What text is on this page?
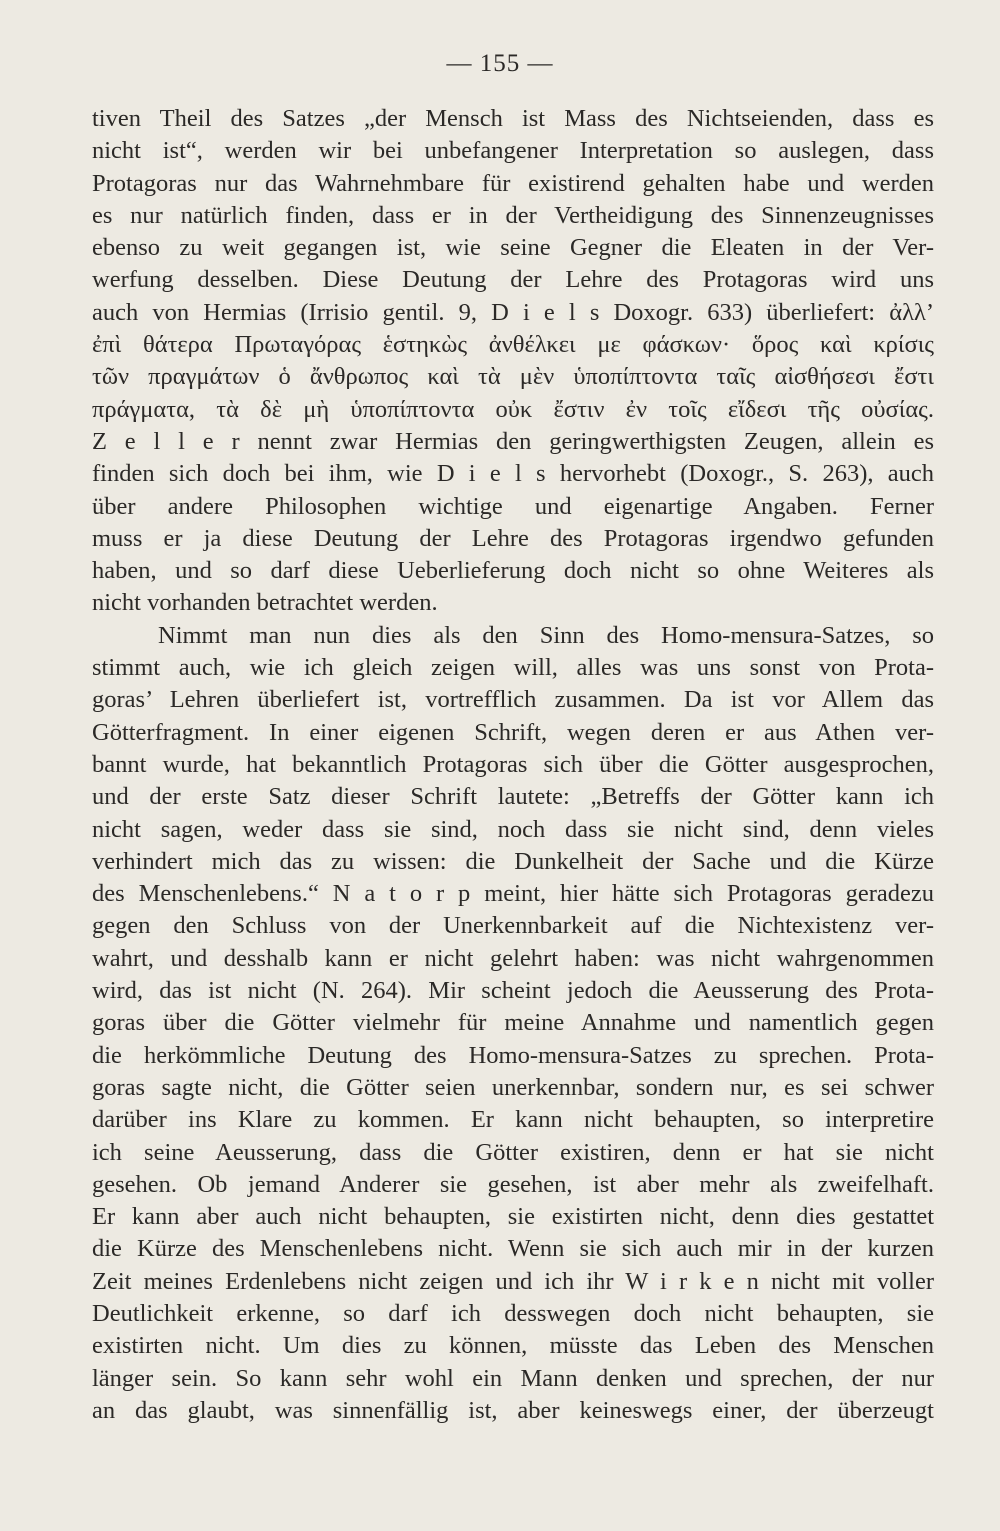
— 155 —
tiven Theil des Satzes „der Mensch ist Mass des Nichtseienden, dass es
nicht ist“, werden wir bei unbefangener Interpretation so auslegen, dass
Protagoras nur das Wahrnehmbare für existirend gehalten habe und werden
es nur natürlich finden, dass er in der Vertheidigung des Sinnenzeugnisses
ebenso zu weit gegangen ist, wie seine Gegner die Eleaten in der Ver-
werfung desselben. Diese Deutung der Lehre des Protagoras wird uns
auch von Hermias (Irrisio gentil. 9, D i e l s Doxogr. 633) überliefert: ἀλλ’
ἐπὶ θάτερα Πρωταγόρας ἑστηκὼς ἀνθέλκει με φάσκων· ὅρος καὶ κρίσις
τῶν πραγμάτων ὁ ἄνθρωπος καὶ τὰ μὲν ὑποπίπτοντα ταῖς αἰσθήσεσι ἔστι
πράγματα, τὰ δὲ μὴ ὑποπίπτοντα οὐκ ἔστιν ἐν τοῖς εἴδεσι τῆς οὐσίας.
Z e l l e r nennt zwar Hermias den geringwerthigsten Zeugen, allein es
finden sich doch bei ihm, wie D i e l s hervorhebt (Doxogr., S. 263), auch
über andere Philosophen wichtige und eigenartige Angaben. Ferner
muss er ja diese Deutung der Lehre des Protagoras irgendwo gefunden
haben, und so darf diese Ueberlieferung doch nicht so ohne Weiteres als
nicht vorhanden betrachtet werden.
Nimmt man nun dies als den Sinn des Homo-mensura-Satzes, so
stimmt auch, wie ich gleich zeigen will, alles was uns sonst von Prota-
goras’ Lehren überliefert ist, vortrefflich zusammen. Da ist vor Allem das
Götterfragment. In einer eigenen Schrift, wegen deren er aus Athen ver-
bannt wurde, hat bekanntlich Protagoras sich über die Götter ausgesprochen,
und der erste Satz dieser Schrift lautete: „Betreffs der Götter kann ich
nicht sagen, weder dass sie sind, noch dass sie nicht sind, denn vieles
verhindert mich das zu wissen: die Dunkelheit der Sache und die Kürze
des Menschenlebens.“ N a t o r p meint, hier hätte sich Protagoras geradezu
gegen den Schluss von der Unerkennbarkeit auf die Nichtexistenz ver-
wahrt, und desshalb kann er nicht gelehrt haben: was nicht wahrgenommen
wird, das ist nicht (N. 264). Mir scheint jedoch die Aeusserung des Prota-
goras über die Götter vielmehr für meine Annahme und namentlich gegen
die herkömmliche Deutung des Homo-mensura-Satzes zu sprechen. Prota-
goras sagte nicht, die Götter seien unerkennbar, sondern nur, es sei schwer
darüber ins Klare zu kommen. Er kann nicht behaupten, so interpretire
ich seine Aeusserung, dass die Götter existiren, denn er hat sie nicht
gesehen. Ob jemand Anderer sie gesehen, ist aber mehr als zweifelhaft.
Er kann aber auch nicht behaupten, sie existirten nicht, denn dies gestattet
die Kürze des Menschenlebens nicht. Wenn sie sich auch mir in der kurzen
Zeit meines Erdenlebens nicht zeigen und ich ihr W i r k e n nicht mit voller
Deutlichkeit erkenne, so darf ich desswegen doch nicht behaupten, sie
existirten nicht. Um dies zu können, müsste das Leben des Menschen
länger sein. So kann sehr wohl ein Mann denken und sprechen, der nur
an das glaubt, was sinnenfällig ist, aber keineswegs einer, der überzeugt
